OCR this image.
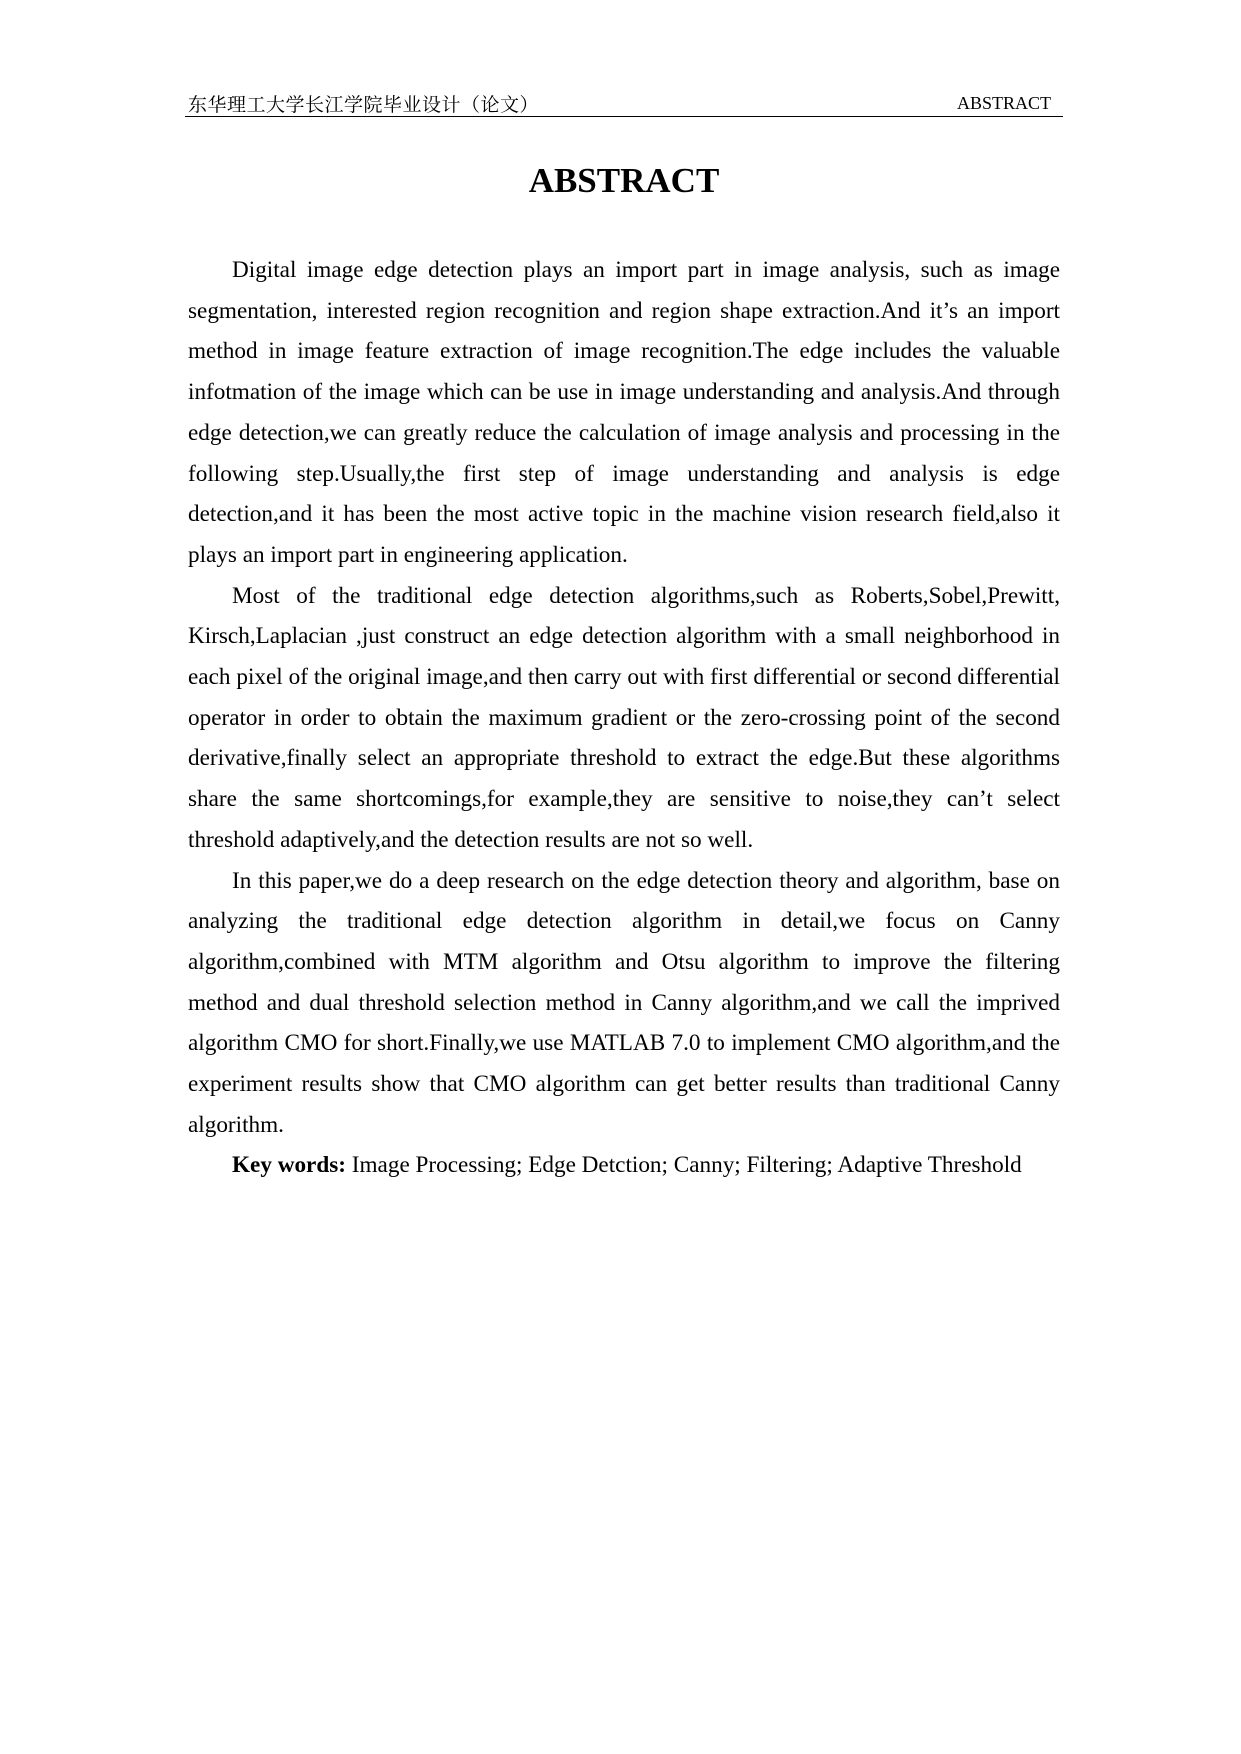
东华理工大学长江学院毕业设计（论文）	ABSTRACT
ABSTRACT

Digital image edge detection plays an import part in image analysis, such as image segmentation, interested region recognition and region shape extraction.And it’s an import method in image feature extraction of image recognition.The edge includes the valuable infotmation of the image which can be use in image understanding and analysis.And through edge detection,we can greatly reduce the calculation of image analysis and processing in the following step.Usually,the first step of image understanding and analysis is edge detection,and it has been the most active topic in the machine vision research field,also it plays an import part in engineering application.

Most of the traditional edge detection algorithms,such as Roberts,Sobel,Prewitt, Kirsch,Laplacian ,just construct an edge detection algorithm with a small neighborhood in each pixel of the original image,and then carry out with first differential or second differential operator in order to obtain the maximum gradient or the zero-crossing point of the second derivative,finally select an appropriate threshold to extract the edge.But these algorithms share the same shortcomings,for example,they are sensitive to noise,they can’t select threshold adaptively,and the detection results are not so well.

In this paper,we do a deep research on the edge detection theory and algorithm, base on analyzing the traditional edge detection algorithm in detail,we focus on Canny algorithm,combined with MTM algorithm and Otsu algorithm to improve the filtering method and dual threshold selection method in Canny algorithm,and we call the imprived algorithm CMO for short.Finally,we use MATLAB 7.0 to implement CMO algorithm,and the experiment results show that CMO algorithm can get better results than traditional Canny algorithm.

Key words: Image Processing; Edge Detction; Canny; Filtering; Adaptive Threshold
